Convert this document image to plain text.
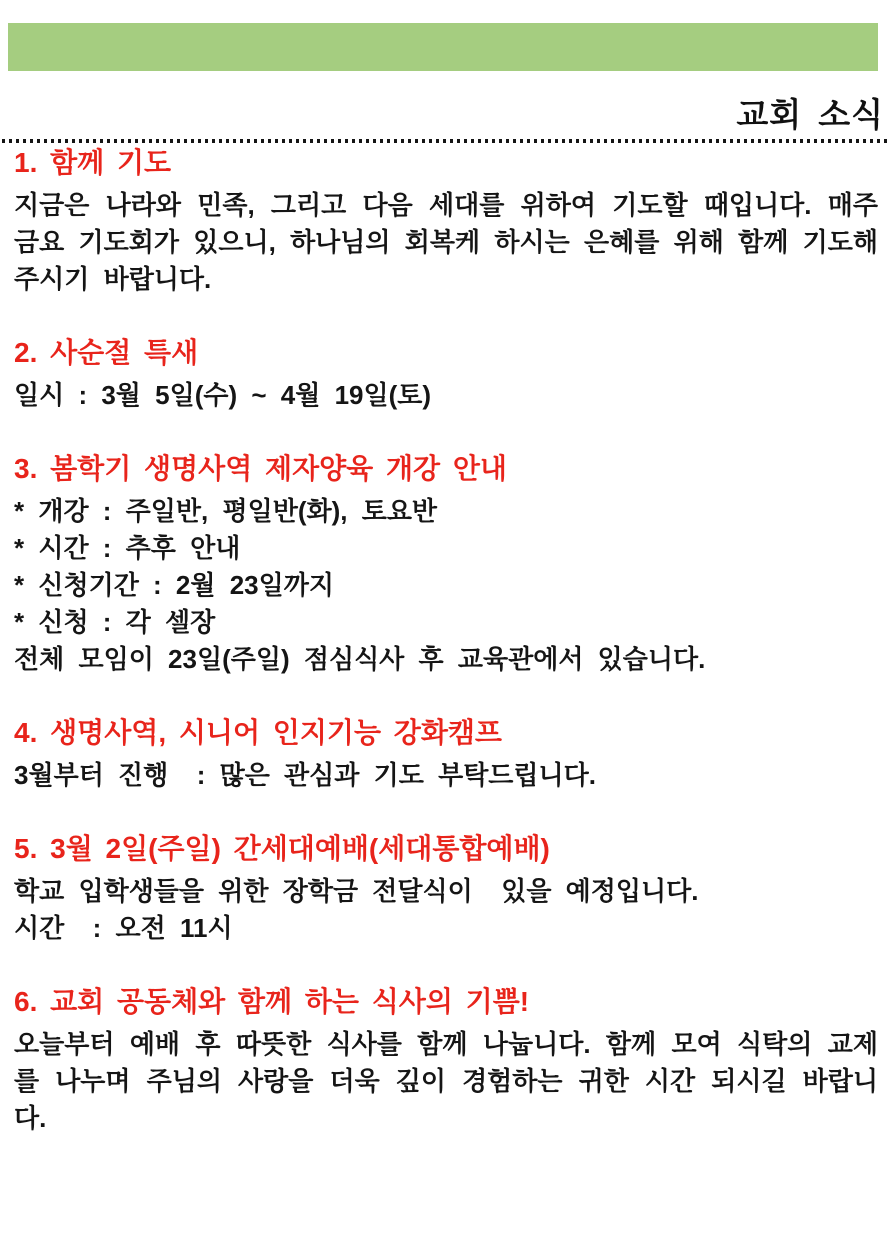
교회 소식
1. 함께 기도

지금은 나라와 민족, 그리고 다음 세대를 위하여 기도할 때입니다. 매주 금요 기도회가 있으니, 하나님의 회복케 하시는 은혜를 위해 함께 기도해 주시기 바랍니다.

2. 사순절 특새

일시 : 3월 5일(수) ~ 4월 19일(토)

3. 봄학기 생명사역 제자양육 개강 안내

* 개강 : 주일반, 평일반(화), 토요반

* 시간 : 추후 안내

* 신청기간 : 2월 23일까지

* 신청 : 각 셀장

전체 모임이 23일(주일) 점심식사 후 교육관에서 있습니다.

4. 생명사역, 시니어 인지기능 강화캠프

3월부터 진행  : 많은 관심과 기도 부탁드립니다.

5. 3월 2일(주일) 간세대예배(세대통합예배)

학교 입학생들을 위한 장학금 전달식이  있을 예정입니다.

시간  : 오전 11시

6. 교회 공동체와 함께 하는 식사의 기쁨!

오늘부터 예배 후 따뜻한 식사를 함께 나눕니다. 함께 모여 식탁의 교제를 나누며 주님의 사랑을 더욱 깊이 경험하는 귀한 시간 되시길 바랍니다.
